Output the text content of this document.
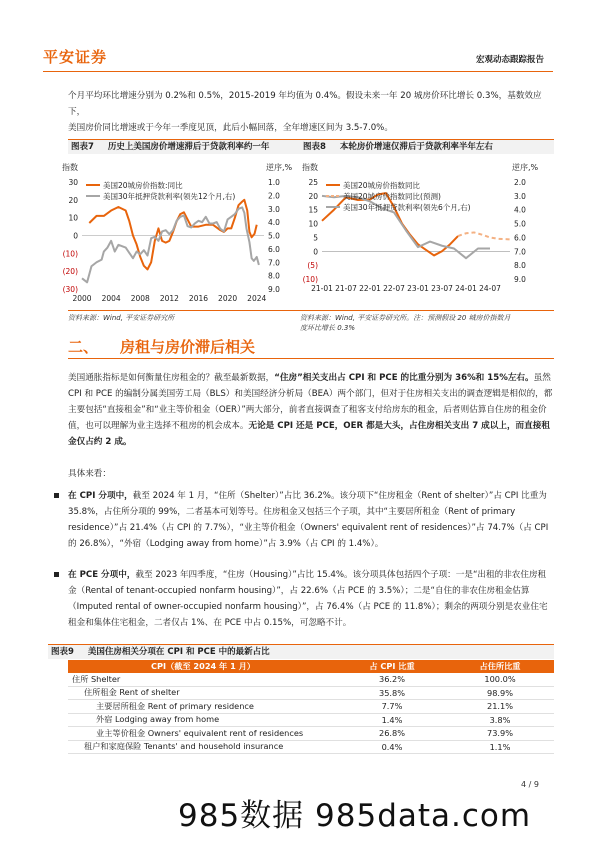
平安证券	宏观动态跟踪报告
个月平均环比增速分别为 0.2%和 0.5%，2015-2019 年均值为 0.4%。假设未来一年 20 城房价环比增长 0.3%，基数效应下，
美国房价同比增速或于今年一季度见顶，此后小幅回落，全年增速区间为 3.5-7.0%。
图表7 历史上美国房价增速滞后于贷款利率约一年
指数	逆序,%
30
20
10
0
(10)
(20)
(30)
1.0
2.0
3.0
4.0
5.0
6.0
7.0
8.0
9.0
2000 2004 2008 2012 2016 2020 2024
美国20城房价指数:同比
美国30年抵押贷款利率(领先12个月,右)
资料来源：Wind, 平安证券研究所
图表8 本轮房价增速仅滞后于贷款利率半年左右
指数	逆序,%
25
20
15
10
5
0
(5)
(10)
2.0
3.0
4.0
5.0
6.0
7.0
8.0
9.0
21-01 21-07 22-01 22-07 23-01 23-07 24-01 24-07
美国20城房价指数同比
美国20城房价指数同比(预测)
美国30年抵押贷款利率(领先6个月,右)
资料来源：Wind, 平安证券研究所。注：预测假设 20 城房价指数月
度环比增长 0.3%
二、 房租与房价滞后相关
美国通胀指标是如何衡量住房租金的？截至最新数据，“住房”相关支出占 CPI 和 PCE 的比重分别为 36%和 15%左右。虽然 CPI 和 PCE 的编制分属美国劳工局（BLS）和美国经济分析局（BEA）两个部门，但对于住房相关支出的调查逻辑是相似的，都主要包括“直接租金”和“业主等价租金（OER）”两大部分，前者直接调查了租客支付给房东的租金，后者则估算自住房的租金价值，也可以理解为业主选择不租房的机会成本。无论是 CPI 还是 PCE，OER 都是大头，占住房相关支出 7 成以上，而直接租金仅占约 2 成。
具体来看：
在 CPI 分项中，截至 2024 年 1 月，“住所（Shelter）”占比 36.2%。该分项下“住房租金（Rent of shelter）”占 CPI 比重为 35.8%，占住所分项的 99%，二者基本可划等号。住房租金又包括三个子项，其中“主要居所租金（Rent of primary residence）”占 21.4%（占 CPI 的 7.7%），“业主等价租金（Owners' equivalent rent of residences）”占 74.7%（占 CPI 的 26.8%），“外宿（Lodging away from home）”占 3.9%（占 CPI 的 1.4%）。
在 PCE 分项中，截至 2023 年四季度，“住房（Housing）”占比 15.4%。该分项具体包括四个子项：一是“出租的非农住房租金（Rental of tenant-occupied nonfarm housing）”，占 22.6%（占 PCE 的 3.5%）；二是“自住的非农住房租金估算（Imputed rental of owner-occupied nonfarm housing）”，占 76.4%（占 PCE 的 11.8%）；剩余的两项分别是农业住宅租金和集体住宅租金，二者仅占 1%、在 PCE 中占 0.15%，可忽略不计。
图表9 美国住房相关分项在 CPI 和 PCE 中的最新占比
CPI（截至 2024 年 1 月）	占 CPI 比重	占住所比重
住所 Shelter	36.2%	100.0%
住所租金 Rent of shelter	35.8%	98.9%
主要居所租金 Rent of primary residence	7.7%	21.1%
外宿 Lodging away from home	1.4%	3.8%
业主等价租金 Owners' equivalent rent of residences	26.8%	73.9%
租户和家庭保险 Tenants' and household insurance	0.4%	1.1%
4 / 9
985数据 985data.com
